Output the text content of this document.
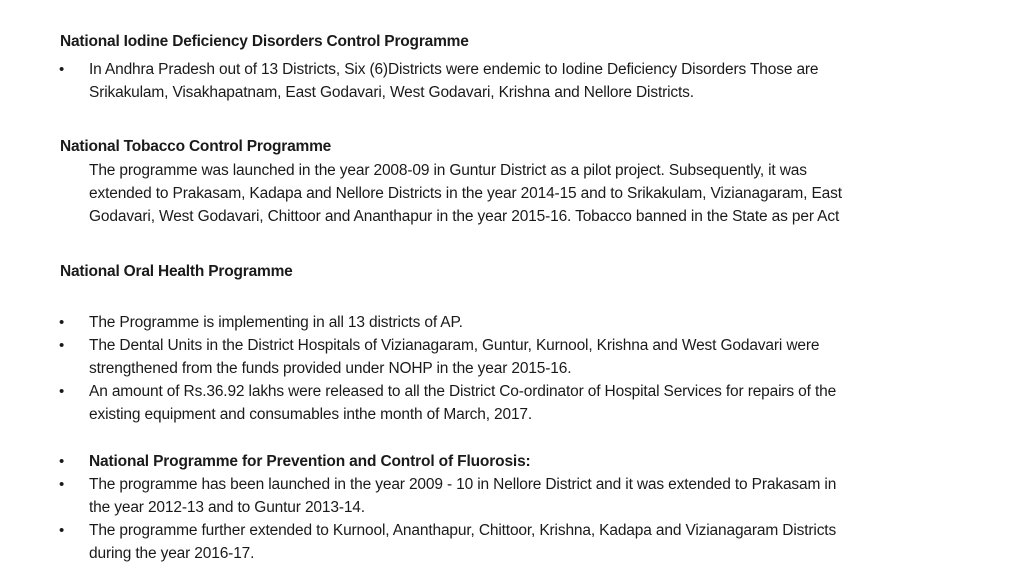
National Iodine Deficiency Disorders Control Programme
• In Andhra Pradesh out of 13 Districts, Six (6)Districts were endemic to Iodine Deficiency Disorders Those are
Srikakulam, Visakhapatnam, East Godavari, West Godavari, Krishna and Nellore Districts.
National Tobacco Control Programme
The programme was launched in the year 2008-09 in Guntur District as a pilot project. Subsequently, it was
extended to Prakasam, Kadapa and Nellore Districts in the year 2014-15 and to Srikakulam, Vizianagaram, East
Godavari, West Godavari, Chittoor and Ananthapur in the year 2015-16. Tobacco banned in the State as per Act
National Oral Health Programme
• The Programme is implementing in all 13 districts of AP.
• The Dental Units in the District Hospitals of Vizianagaram, Guntur, Kurnool, Krishna and West Godavari were
strengthened from the funds provided under NOHP in the year 2015-16.
• An amount of Rs.36.92 lakhs were released to all the District Co-ordinator of Hospital Services for repairs of the
existing equipment and consumables inthe month of March, 2017.
• National Programme for Prevention and Control of Fluorosis:
• The programme has been launched in the year 2009 - 10 in Nellore District and it was extended to Prakasam in
the year 2012-13 and to Guntur 2013-14.
• The programme further extended to Kurnool, Ananthapur, Chittoor, Krishna, Kadapa and Vizianagaram Districts
during the year 2016-17.
